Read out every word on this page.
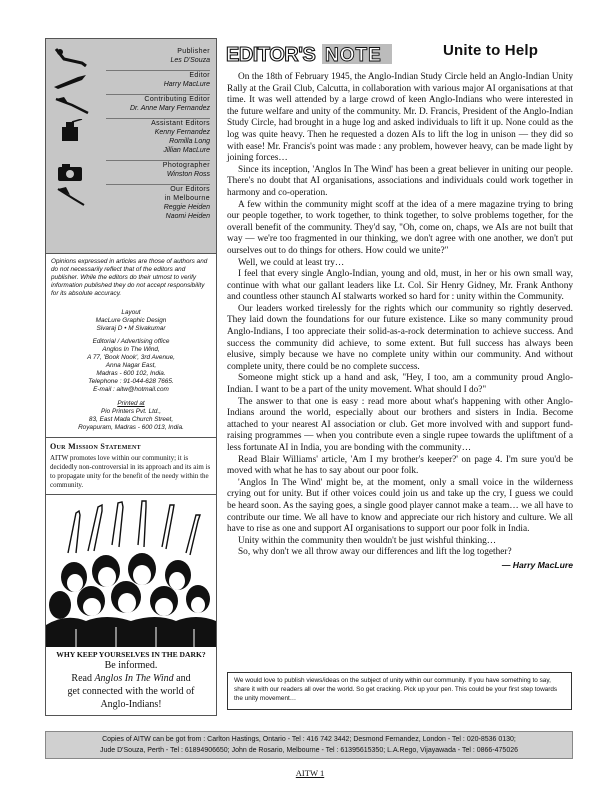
Publisher
Les D'Souza
Editor
Harry MacLure
Contributing Editor
Dr. Anne Mary Fernandez
Assistant Editors
Kenny Fernandez
Romilla Long
Jillian MacLure
Photographer
Winston Ross
Our Editors
in Melbourne
Reggie Heiden
Naomi Heiden
Opinions expressed in articles are those of authors and do not necessarily reflect that of the editors and publisher. While the editors do their utmost to verify information published they do not accept responsibility for its absolute accuracy.
Layout
MacLure Graphic Design
Sivaraj D • M Sivakumar
Editorial / Advertising office
Anglos In The Wind,
A 77, 'Book Nook', 3rd Avenue,
Anna Nagar East,
Madras - 600 102, India.
Telephone : 91-044-628 7665.
E-mail : aitw@hotmail.com
Printed at
Pio Printers Pvt. Ltd.,
83, East Mada Church Street,
Royapuram, Madras - 600 013, India.
Our Mission Statement
AITW promotes love within our community; it is decidedly non-controversial in its approach and its aim is to propagate unity for the benefit of the needy within the community.
WHY KEEP YOURSELVES IN THE DARK?
Be informed.
Read Anglos In The Wind and
get connected with the world of
Anglo-Indians!
EDITOR'S NOTE	Unite to Help

On the 18th of February 1945, the Anglo-Indian Study Circle held an Anglo-Indian Unity Rally at the Grail Club, Calcutta, in collaboration with various major AI organisations at that time. It was well attended by a large crowd of keen Anglo-Indians who were interested in the future welfare and unity of the community. Mr. D. Francis, President of the Anglo-Indian Study Circle, had brought in a huge log and asked individuals to lift it up. None could as the log was quite heavy. Then he requested a dozen AIs to lift the log in unison — they did so with ease! Mr. Francis's point was made : any problem, however heavy, can be made light by joining forces…

Since its inception, 'Anglos In The Wind' has been a great believer in uniting our people. There's no doubt that AI organisations, associations and individuals could work together in harmony and co-operation.

A few within the community might scoff at the idea of a mere magazine trying to bring our people together, to work together, to think together, to solve problems together, for the overall benefit of the community. They'd say, "Oh, come on, chaps, we AIs are not built that way — we're too fragmented in our thinking, we don't agree with one another, we don't put ourselves out to do things for others. How could we unite?"

Well, we could at least try…

I feel that every single Anglo-Indian, young and old, must, in her or his own small way, continue with what our gallant leaders like Lt. Col. Sir Henry Gidney, Mr. Frank Anthony and countless other staunch AI stalwarts worked so hard for : unity within the Community.

Our leaders worked tirelessly for the rights which our community so rightly deserved. They laid down the foundations for our future existence. Like so many community proud Anglo-Indians, I too appreciate their solid-as-a-rock determination to achieve success. And success the community did achieve, to some extent. But full success has always been elusive, simply because we have no complete unity within our community. And without complete unity, there could be no complete success.

Someone might stick up a hand and ask, "Hey, I too, am a community proud Anglo-Indian. I want to be a part of the unity movement. What should I do?"

The answer to that one is easy : read more about what's happening with other Anglo-Indians around the world, especially about our brothers and sisters in India. Become attached to your nearest AI association or club. Get more involved with and support fund-raising programmes — when you contribute even a single rupee towards the upliftment of a less fortunate AI in India, you are bonding with the community…

Read Blair Williams' article, 'Am I my brother's keeper?' on page 4. I'm sure you'd be moved with what he has to say about our poor folk.

'Anglos In The Wind' might be, at the moment, only a small voice in the wilderness crying out for unity. But if other voices could join us and take up the cry, I guess we could be heard soon. As the saying goes, a single good player cannot make a team… we all have to contribute our time. We all have to know and appreciate our rich history and culture. We all have to rise as one and support AI organisations to support our poor folk in India.

Unity within the community then wouldn't be just wishful thinking…

So, why don't we all throw away our differences and lift the log together?

— Harry MacLure
We would love to publish views/ideas on the subject of unity within our community. If you have something to say, share it with our readers all over the world. So get cracking. Pick up your pen. This could be your first step towards the unity movement…
Copies of AITW can be got from : Carlton Hastings, Ontario - Tel : 416 742 3442; Desmond Fernandez, London - Tel : 020-8536 0130;
Jude D'Souza, Perth - Tel : 61894906650; John de Rosario, Melbourne - Tel : 61395615350; L.A.Rego, Vijayawada - Tel : 0866-475026
AITW 1
